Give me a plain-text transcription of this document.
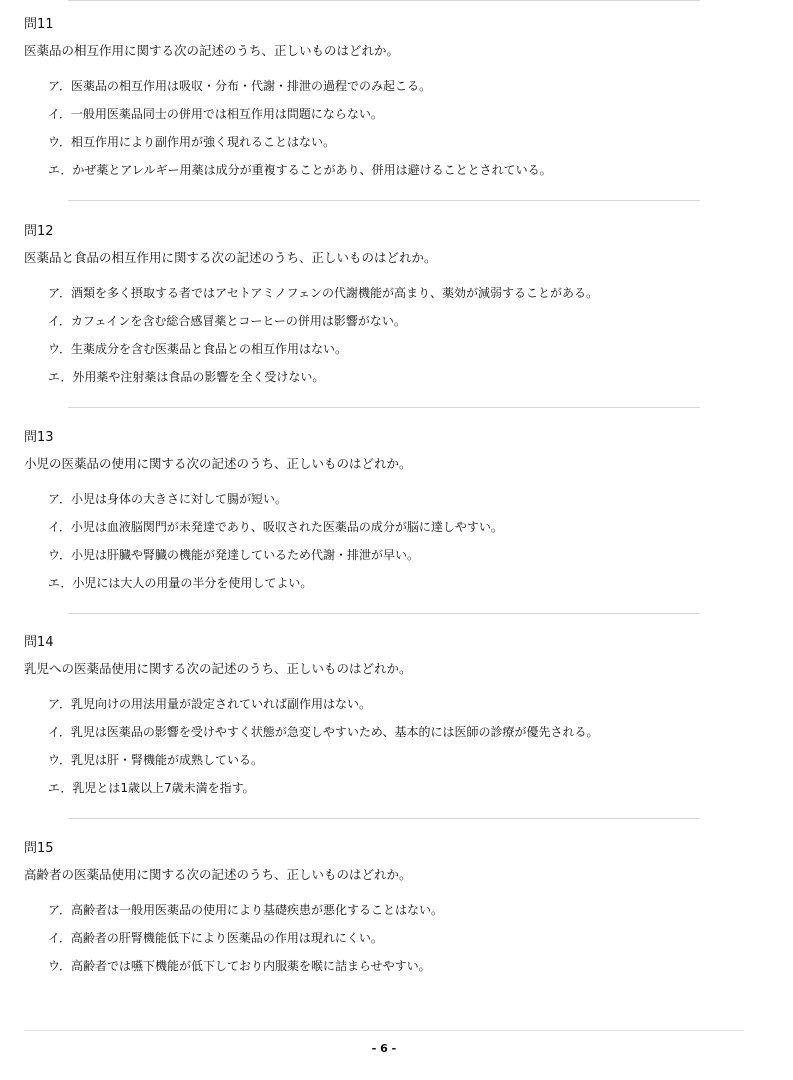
問11
医薬品の相互作用に関する次の記述のうち、正しいものはどれか。
ア．医薬品の相互作用は吸収・分布・代謝・排泄の過程でのみ起こる。
イ．一般用医薬品同士の併用では相互作用は問題にならない。
ウ．相互作用により副作用が強く現れることはない。
エ．かぜ薬とアレルギー用薬は成分が重複することがあり、併用は避けることとされている。
問12
医薬品と食品の相互作用に関する次の記述のうち、正しいものはどれか。
ア．酒類を多く摂取する者ではアセトアミノフェンの代謝機能が高まり、薬効が減弱することがある。
イ．カフェインを含む総合感冒薬とコーヒーの併用は影響がない。
ウ．生薬成分を含む医薬品と食品との相互作用はない。
エ．外用薬や注射薬は食品の影響を全く受けない。
問13
小児の医薬品の使用に関する次の記述のうち、正しいものはどれか。
ア．小児は身体の大きさに対して腸が短い。
イ．小児は血液脳関門が未発達であり、吸収された医薬品の成分が脳に達しやすい。
ウ．小児は肝臓や腎臓の機能が発達しているため代謝・排泄が早い。
エ．小児には大人の用量の半分を使用してよい。
問14
乳児への医薬品使用に関する次の記述のうち、正しいものはどれか。
ア．乳児向けの用法用量が設定されていれば副作用はない。
イ．乳児は医薬品の影響を受けやすく状態が急変しやすいため、基本的には医師の診療が優先される。
ウ．乳児は肝・腎機能が成熟している。
エ．乳児とは1歳以上7歳未満を指す。
問15
高齢者の医薬品使用に関する次の記述のうち、正しいものはどれか。
ア．高齢者は一般用医薬品の使用により基礎疾患が悪化することはない。
イ．高齢者の肝腎機能低下により医薬品の作用は現れにくい。
ウ．高齢者では嚥下機能が低下しており内服薬を喉に詰まらせやすい。
- 6 -
